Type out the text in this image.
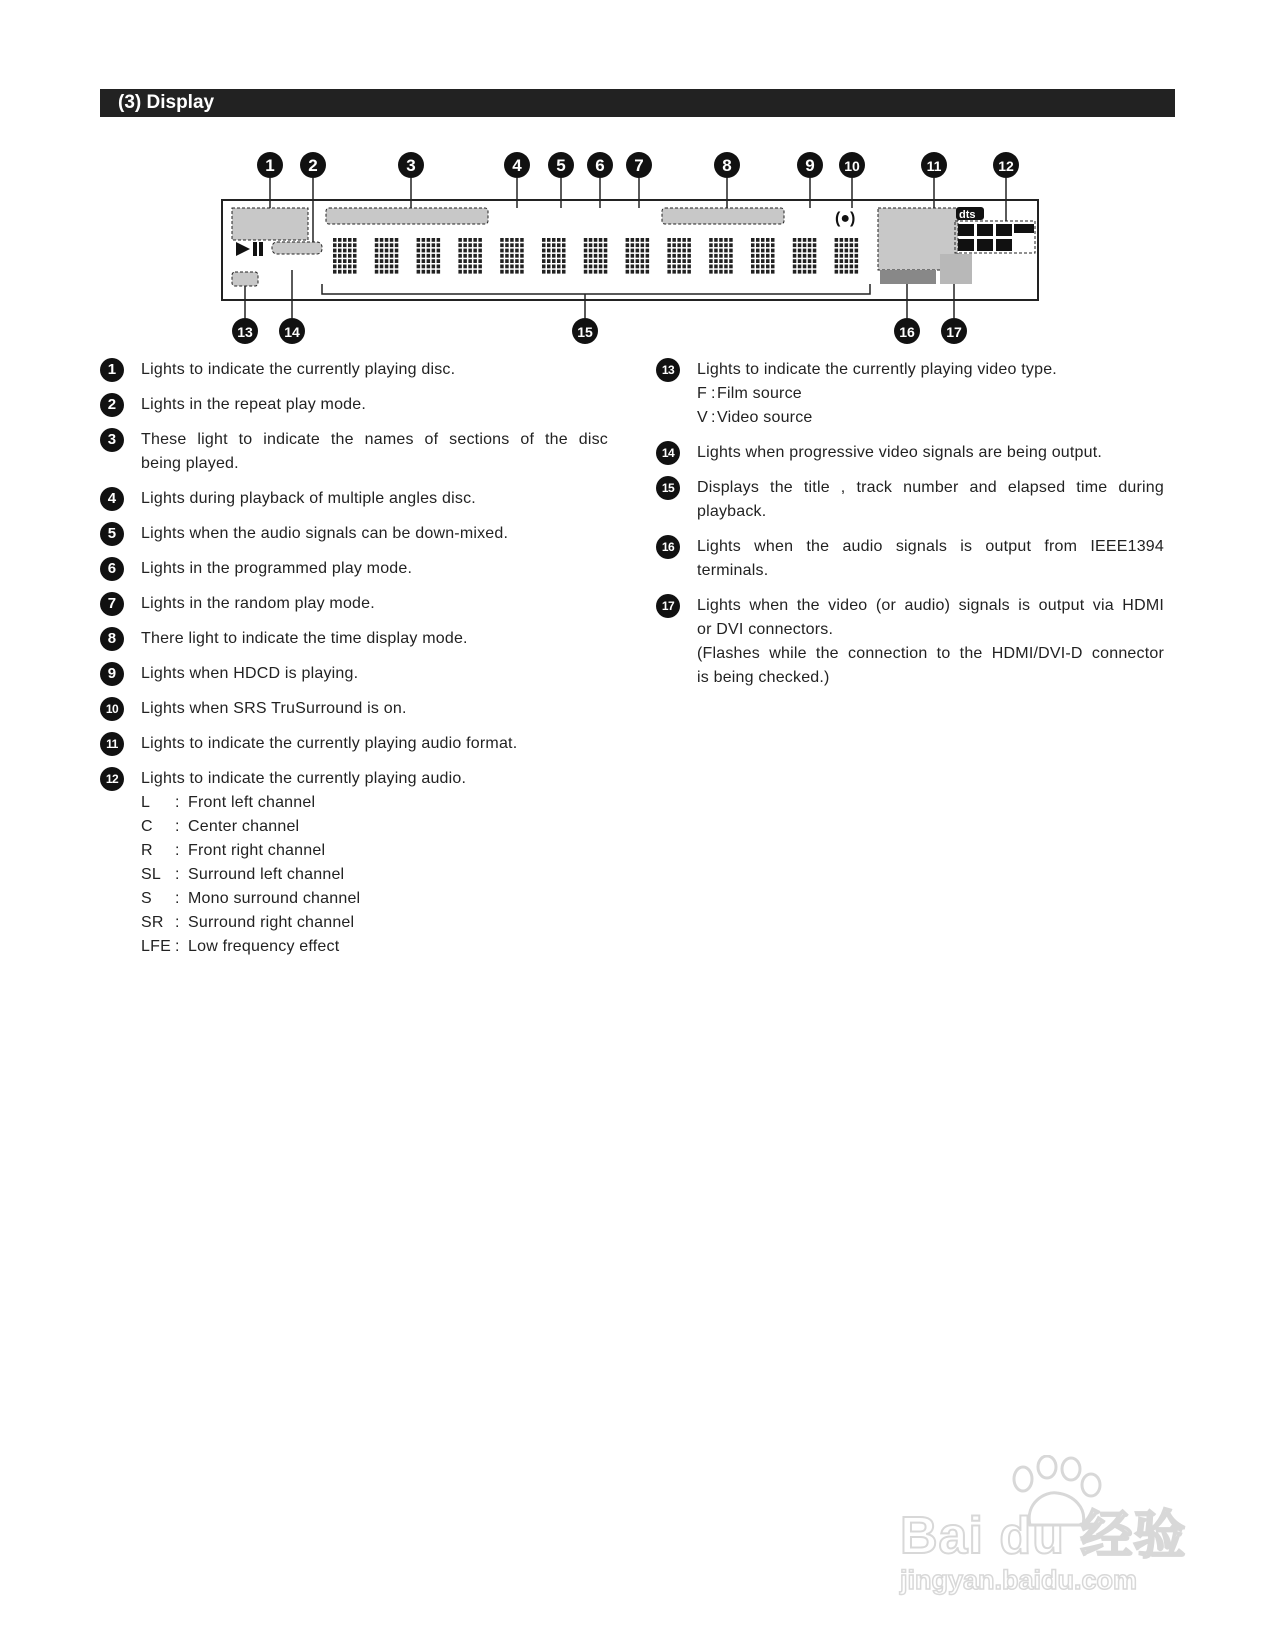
(3) Display
(●)	dts
1 2	3	4 5 6 7	8	9 10	11	12
13 14	15	16 17
1	Lights to indicate the currently playing disc.
2	Lights in the repeat play mode.
3	These light to indicate the names of sections of the disc
being played.
4	Lights during playback of multiple angles disc.
5	Lights when the audio signals can be down-mixed.
6	Lights in the programmed play mode.
7	Lights in the random play mode.
8	There light to indicate the time display mode.
9	Lights when HDCD is playing.
10	Lights when SRS TruSurround is on.
11	Lights to indicate the currently playing audio format.
12	Lights to indicate the currently playing audio.
L	: Front left channel
C	: Center channel
R	: Front right channel
SL : Surround left channel
S	: Mono surround channel
SR : Surround right channel
LFE : Low frequency effect
13	Lights to indicate the currently playing video type.
F : Film source
V : Video source
14	Lights when progressive video signals are being output.
15	Displays the title , track number and elapsed time during
playback.
16	Lights when the audio signals is output from IEEE1394
terminals.
17	Lights when the video (or audio) signals is output via HDMI
or DVI connectors.
(Flashes while the connection to the HDMI/DVI-D connector
is being checked.)
Bai du 经验
jingyan.baidu.com
